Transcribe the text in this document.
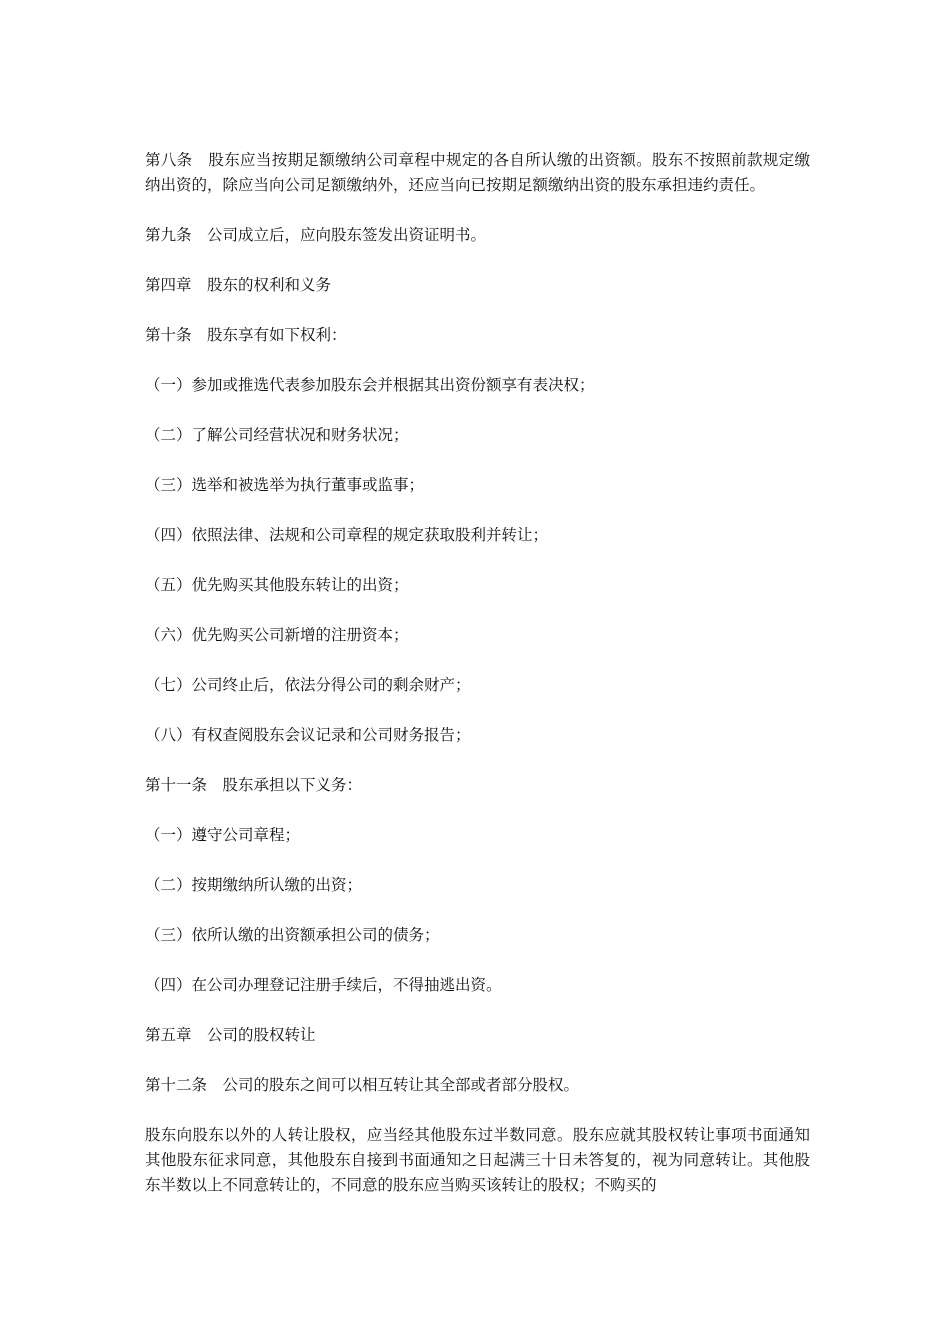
第八条　股东应当按期足额缴纳公司章程中规定的各自所认缴的出资额。股东不按照前款规定缴纳出资的，除应当向公司足额缴纳外，还应当向已按期足额缴纳出资的股东承担违约责任。

第九条　公司成立后，应向股东签发出资证明书。

第四章　股东的权利和义务

第十条　股东享有如下权利：

（一）参加或推选代表参加股东会并根据其出资份额享有表决权；

（二）了解公司经营状况和财务状况；

（三）选举和被选举为执行董事或监事；

（四）依照法律、法规和公司章程的规定获取股利并转让；

（五）优先购买其他股东转让的出资；

（六）优先购买公司新增的注册资本；

（七）公司终止后，依法分得公司的剩余财产；

（八）有权查阅股东会议记录和公司财务报告；

第十一条　股东承担以下义务：

（一）遵守公司章程；

（二）按期缴纳所认缴的出资；

（三）依所认缴的出资额承担公司的债务；

（四）在公司办理登记注册手续后，不得抽逃出资。

第五章　公司的股权转让

第十二条　公司的股东之间可以相互转让其全部或者部分股权。

股东向股东以外的人转让股权，应当经其他股东过半数同意。股东应就其股权转让事项书面通知其他股东征求同意，其他股东自接到书面通知之日起满三十日未答复的，视为同意转让。其他股东半数以上不同意转让的，不同意的股东应当购买该转让的股权；不购买的
